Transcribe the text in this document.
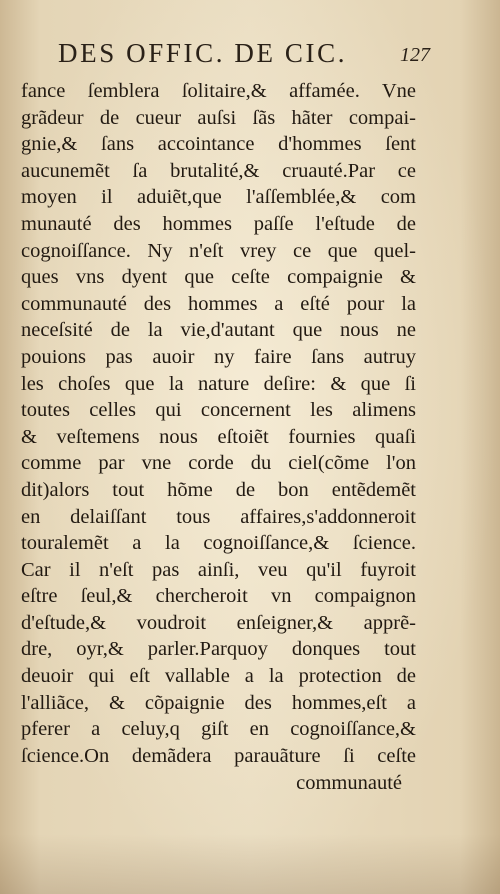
DES OFFIC. DE CIC.	127
fance ſemblera ſolitaire,& affamée. Vne
grãdeur de cueur auſsi ſãs hãter compai-
gnie,& ſans accointance d'hommes ſent
aucunemẽt ſa brutalité,& cruauté.Par ce
moyen il aduiẽt,que l'aſſemblée,& com
munauté des hommes paſſe l'eſtude de
cognoiſſance. Ny n'eſt vrey ce que quel-
ques vns dyent que ceſte compaignie &
communauté des hommes a eſté pour la
neceſsité de la vie,d'autant que nous ne
pouions pas auoir ny faire ſans autruy
les choſes que la nature deſire: & que ſi
toutes celles qui concernent les alimens
& veſtemens nous eſtoiẽt fournies quaſi
comme par vne corde du ciel(cõme l'on
dit)alors tout hõme de bon entẽdemẽt
en delaiſſant tous affaires,s'addonneroit
touralemẽt a la cognoiſſance,& ſcience.
Car il n'eſt pas ainſi, veu qu'il fuyroit
eſtre ſeul,& chercheroit vn compaignon
d'eſtude,& voudroit enſeigner,& apprẽ-
dre, oyr,& parler.Parquoy donques tout
deuoir qui eſt vallable a la protection de
l'alliãce, & cõpaignie des hommes,eſt a
pferer a celuy,q giſt en cognoiſſance,&
ſcience.On demãdera parauãture ſi ceſte
communauté
